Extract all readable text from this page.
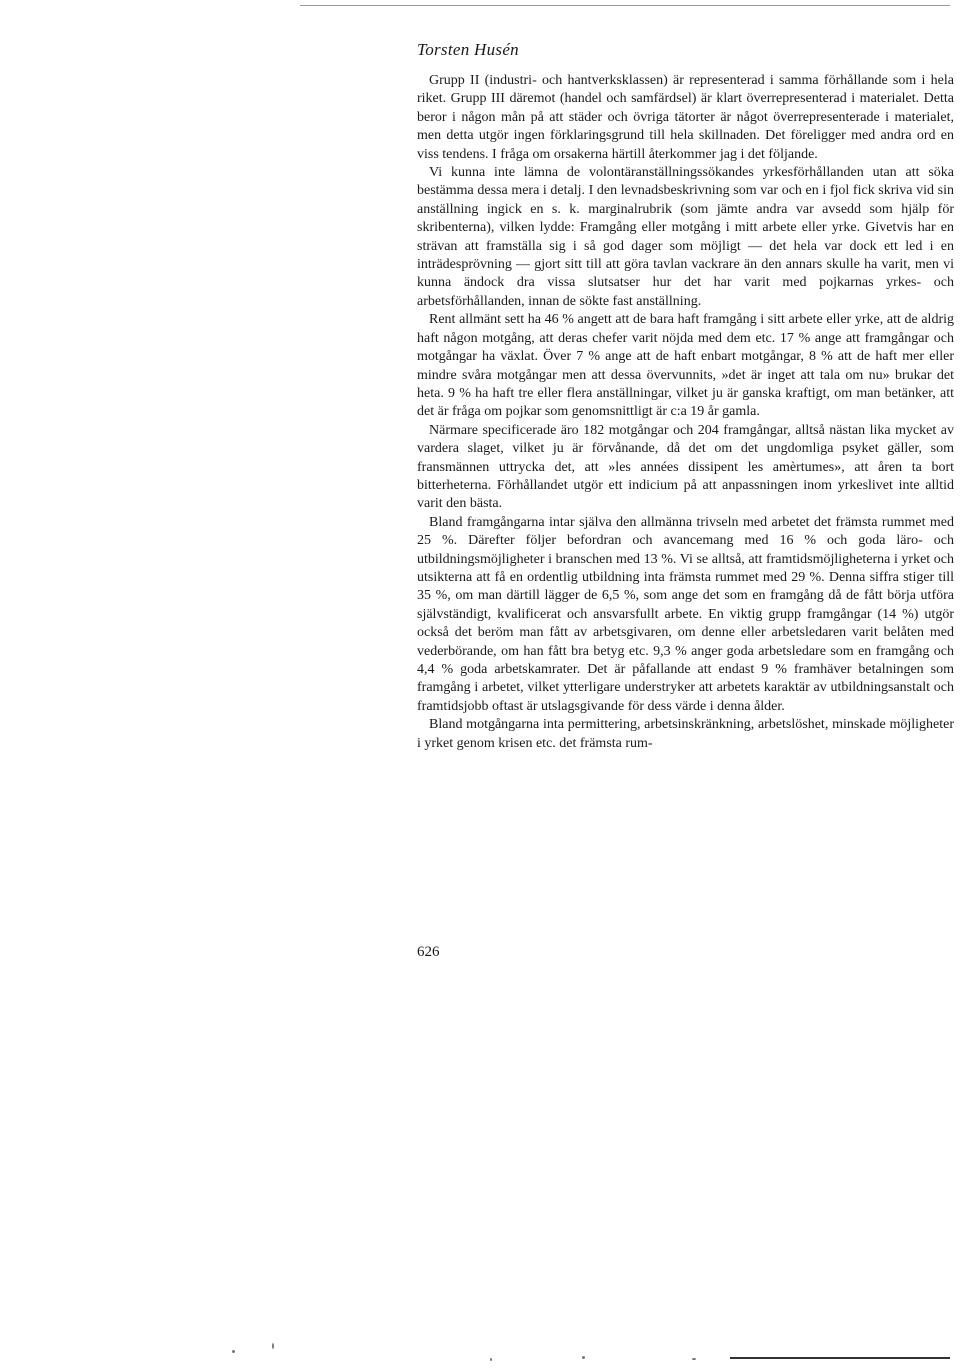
Torsten Husén

Grupp II (industri- och hantverksklassen) är representerad i samma förhållande som i hela riket. Grupp III däremot (handel och samfärdsel) är klart överrepresenterad i materialet. Detta beror i någon mån på att städer och övriga tätorter är något överrepresenterade i materialet, men detta utgör ingen förklaringsgrund till hela skillnaden. Det föreligger med andra ord en viss tendens. I fråga om orsakerna härtill återkommer jag i det följande.

Vi kunna inte lämna de volontäranställningssökandes yrkesförhållanden utan att söka bestämma dessa mera i detalj. I den levnadsbeskrivning som var och en i fjol fick skriva vid sin anställning ingick en s. k. marginalrubrik (som jämte andra var avsedd som hjälp för skribenterna), vilken lydde: Framgång eller motgång i mitt arbete eller yrke. Givetvis har en strävan att framställa sig i så god dager som möjligt — det hela var dock ett led i en inträdesprövning — gjort sitt till att göra tavlan vackrare än den annars skulle ha varit, men vi kunna ändock dra vissa slutsatser hur det har varit med pojkarnas yrkes- och arbetsförhållanden, innan de sökte fast anställning.

Rent allmänt sett ha 46 % angett att de bara haft framgång i sitt arbete eller yrke, att de aldrig haft någon motgång, att deras chefer varit nöjda med dem etc. 17 % ange att framgångar och motgångar ha växlat. Över 7 % ange att de haft enbart motgångar, 8 % att de haft mer eller mindre svåra motgångar men att dessa övervunnits, »det är inget att tala om nu» brukar det heta. 9 % ha haft tre eller flera anställningar, vilket ju är ganska kraftigt, om man betänker, att det är fråga om pojkar som genomsnittligt är c:a 19 år gamla.

Närmare specificerade äro 182 motgångar och 204 framgångar, alltså nästan lika mycket av vardera slaget, vilket ju är förvånande, då det om det ungdomliga psyket gäller, som fransmännen uttrycka det, att »les années dissipent les amèrtumes», att åren ta bort bitterheterna. Förhållandet utgör ett indicium på att anpassningen inom yrkeslivet inte alltid varit den bästa.

Bland framgångarna intar själva den allmänna trivseln med arbetet det främsta rummet med 25 %. Därefter följer befordran och avancemang med 16 % och goda läro- och utbildningsmöjligheter i branschen med 13 %. Vi se alltså, att framtidsmöjligheterna i yrket och utsikterna att få en ordentlig utbildning inta främsta rummet med 29 %. Denna siffra stiger till 35 %, om man därtill lägger de 6,5 %, som ange det som en framgång då de fått börja utföra självständigt, kvalificerat och ansvarsfullt arbete. En viktig grupp framgångar (14 %) utgör också det beröm man fått av arbetsgivaren, om denne eller arbetsledaren varit belåten med vederbörande, om han fått bra betyg etc. 9,3 % anger goda arbetsledare som en framgång och 4,4 % goda arbetskamrater. Det är påfallande att endast 9 % framhäver betalningen som framgång i arbetet, vilket ytterligare understryker att arbetets karaktär av utbildningsanstalt och framtidsjobb oftast är utslagsgivande för dess värde i denna ålder.

Bland motgångarna inta permittering, arbetsinskränkning, arbetslöshet, minskade möjligheter i yrket genom krisen etc. det främsta rum-

626
